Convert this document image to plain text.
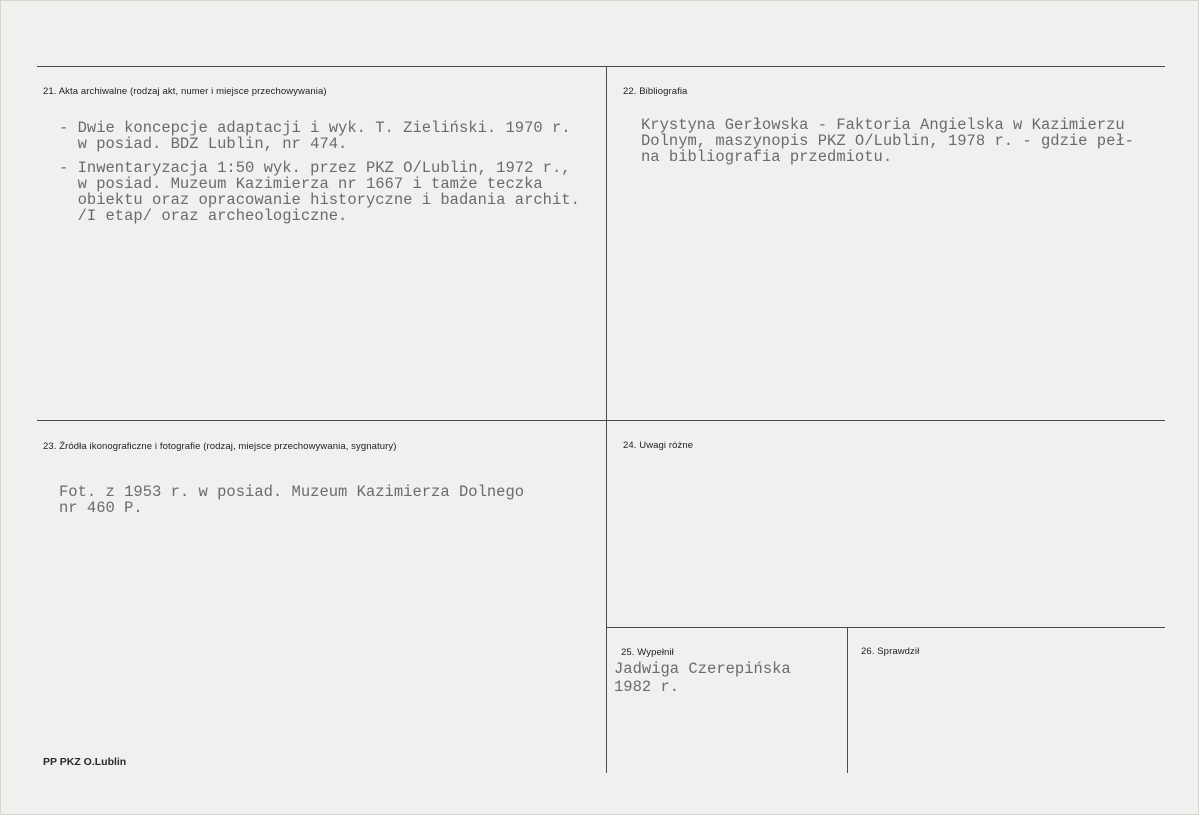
21. Akta archiwalne (rodzaj akt, numer i miejsce przechowywania)
- Dwie koncepcje adaptacji i wyk. T. Zieliński. 1970 r.
w posiad. BDZ Lublin, nr 474.
- Inwentaryzacja 1:50 wyk. przez PKZ O/Lublin, 1972 r.,
w posiad. Muzeum Kazimierza nr 1667 i tamże teczka
obiektu oraz opracowanie historyczne i badania archit.
/I etap/ oraz archeologiczne.
22. Bibliografia
Krystyna Gerłowska - Faktoria Angielska w Kazimierzu
Dolnym, maszynopis PKZ O/Lublin, 1978 r. - gdzie peł-
na bibliografia przedmiotu.
23. Źródła ikonograficzne i fotografie (rodzaj, miejsce przechowywania, sygnatury)
Fot. z 1953 r. w posiad. Muzeum Kazimierza Dolnego
nr 460 P.
24. Uwagi różne
25. Wypełnił
Jadwiga Czerepińska
1982 r.
26. Sprawdził
PP PKZ O.Lublin
